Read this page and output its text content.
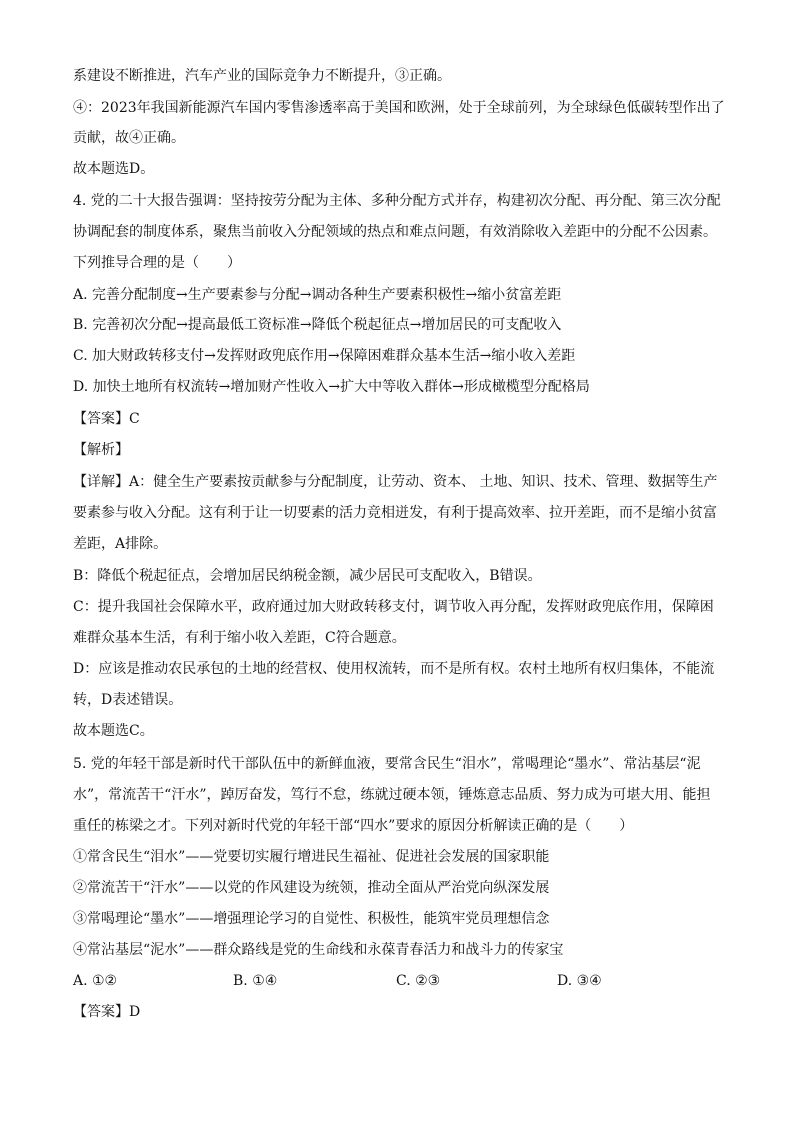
系建设不断推进，汽车产业的国际竞争力不断提升，③正确。
④：2023年我国新能源汽车国内零售渗透率高于美国和欧洲，处于全球前列，为全球绿色低碳转型作出了
贡献，故④正确。
故本题选D。
4. 党的二十大报告强调：坚持按劳分配为主体、多种分配方式并存，构建初次分配、再分配、第三次分配
协调配套的制度体系，聚焦当前收入分配领域的热点和难点问题，有效消除收入差距中的分配不公因素。
下列推导合理的是（　　）
A. 完善分配制度→生产要素参与分配→调动各种生产要素积极性→缩小贫富差距
B. 完善初次分配→提高最低工资标准→降低个税起征点→增加居民的可支配收入
C. 加大财政转移支付→发挥财政兜底作用→保障困难群众基本生活→缩小收入差距
D. 加快土地所有权流转→增加财产性收入→扩大中等收入群体→形成橄榄型分配格局
【答案】C
【解析】
【详解】A：健全生产要素按贡献参与分配制度，让劳动、资本、 土地、知识、技术、管理、数据等生产
要素参与收入分配。这有利于让一切要素的活力竞相迸发，有利于提高效率、拉开差距，而不是缩小贫富
差距，A排除。
B：降低个税起征点，会增加居民纳税金额，减少居民可支配收入，B错误。
C：提升我国社会保障水平，政府通过加大财政转移支付，调节收入再分配，发挥财政兜底作用，保障困
难群众基本生活，有利于缩小收入差距，C符合题意。
D：应该是推动农民承包的土地的经营权、使用权流转，而不是所有权。农村土地所有权归集体，不能流
转，D表述错误。
故本题选C。
5. 党的年轻干部是新时代干部队伍中的新鲜血液，要常含民生“泪水”，常喝理论“墨水”、常沾基层“泥
水”，常流苦干“汗水”，踔厉奋发，笃行不怠，练就过硬本领，锤炼意志品质、努力成为可堪大用、能担
重任的栋梁之才。下列对新时代党的年轻干部“四水”要求的原因分析解读正确的是（　　）
①常含民生“泪水”——党要切实履行增进民生福祉、促进社会发展的国家职能
②常流苦干“汗水”——以党的作风建设为统领，推动全面从严治党向纵深发展
③常喝理论“墨水”——增强理论学习的自觉性、积极性，能筑牢党员理想信念
④常沾基层“泥水”——群众路线是党的生命线和永葆青春活力和战斗力的传家宝
A. ①②	B. ①④	C. ②③	D. ③④
【答案】D
